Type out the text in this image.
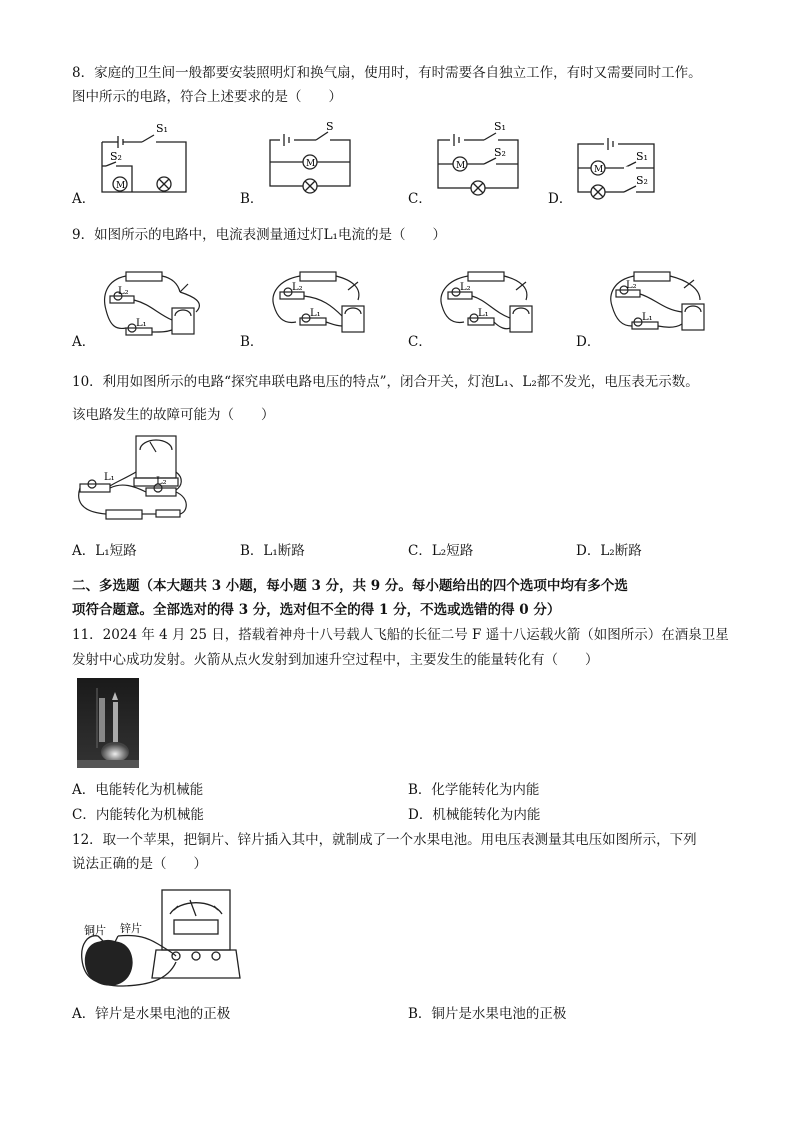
8．家庭的卫生间一般都要安装照明灯和换气扇，使用时，有时需要各自独立工作，有时又需要同时工作。
图中所示的电路，符合上述要求的是（　　）
S₁
S₂
M
A．
S
M
B．
S₁
S₂
M
C．
S₁
S₂
M
D．
9．如图所示的电路中，电流表测量通过灯L₁电流的是（　　）
L₂
L₁
A．
L₂
L₁
B．
L₂
L₁
C．
L₂
L₁
D．
10．利用如图所示的电路“探究串联电路电压的特点”，闭合开关，灯泡L₁、L₂都不发光，电压表无示数。
该电路发生的故障可能为（　　）
L₁	L₂
A．L₁短路	B．L₁断路	C．L₂短路	D．L₂断路
二、多选题（本大题共 3 小题，每小题 3 分，共 9 分。每小题给出的四个选项中均有多个选
项符合题意。全部选对的得 3 分，选对但不全的得 1 分，不选或选错的得 0 分）
11．2024 年 4 月 25 日，搭载着神舟十八号载人飞船的长征二号 F 遥十八运载火箭（如图所示）在酒泉卫星
发射中心成功发射。火箭从点火发射到加速升空过程中，主要发生的能量转化有（　　）
A．电能转化为机械能	B．化学能转化为内能
C．内能转化为机械能	D．机械能转化为内能
12．取一个苹果，把铜片、锌片插入其中，就制成了一个水果电池。用电压表测量其电压如图所示，下列
说法正确的是（　　）
铜片 锌片
A．锌片是水果电池的正极	B．铜片是水果电池的正极
